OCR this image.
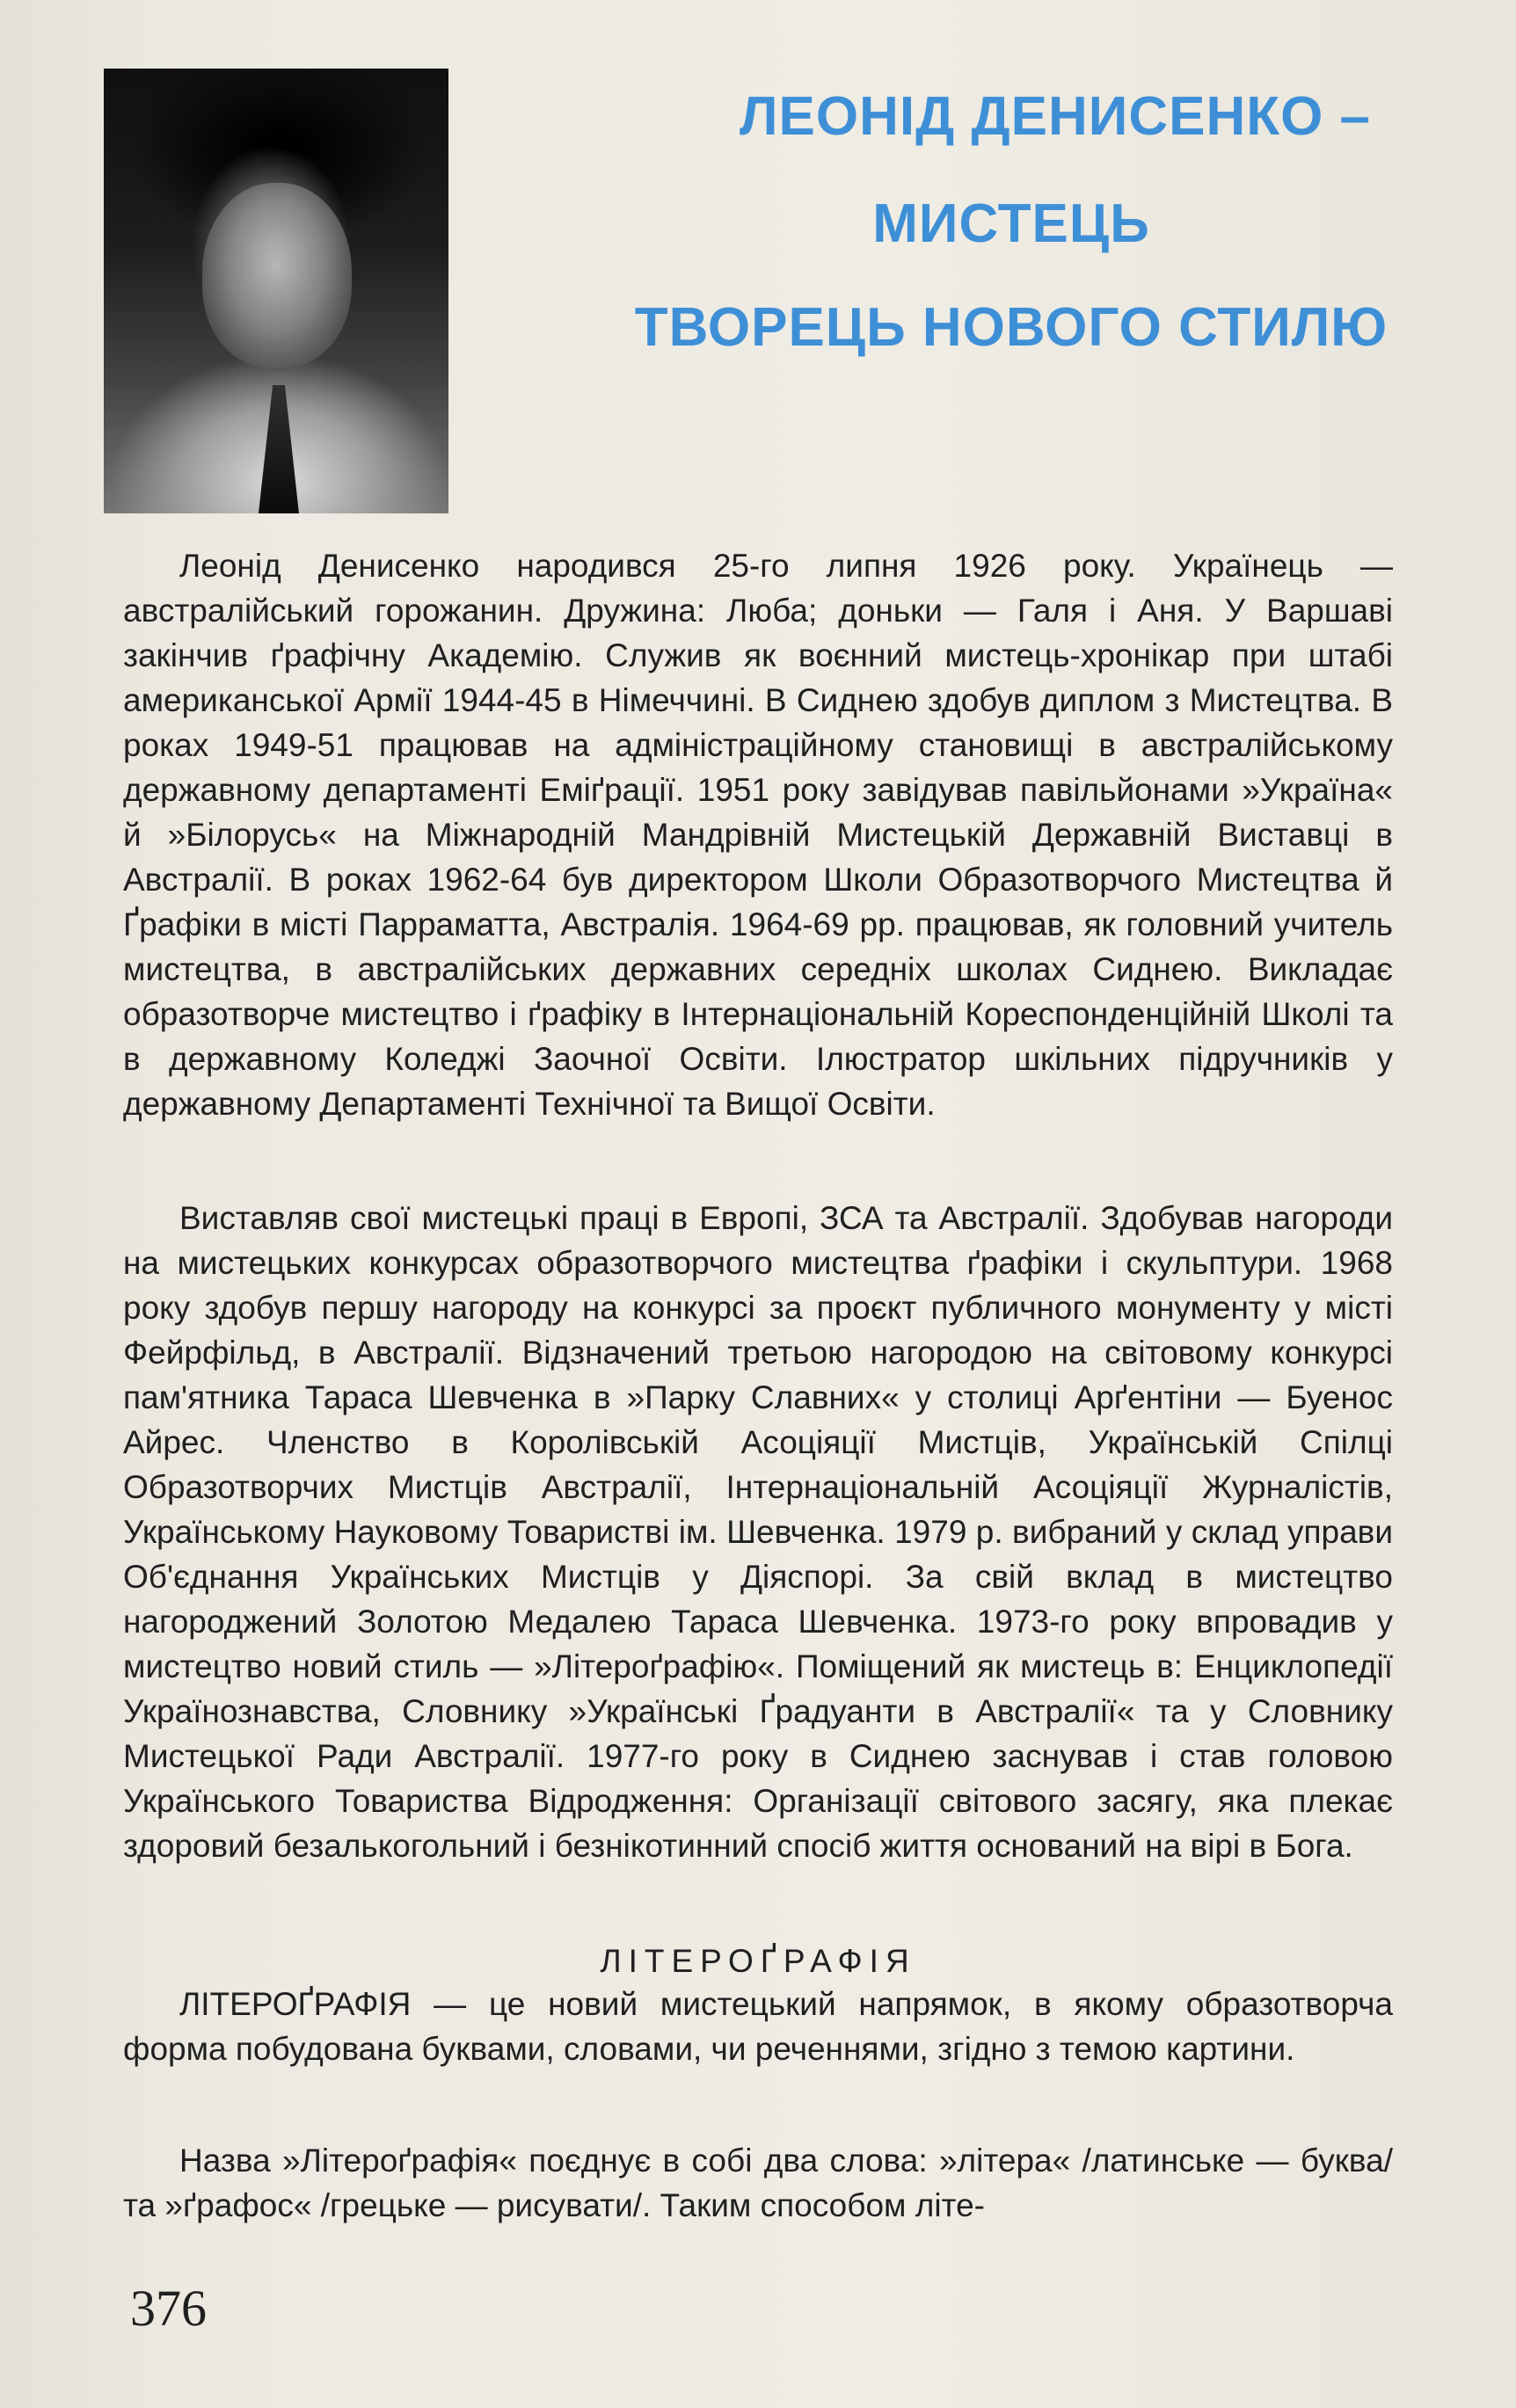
ЛЕОНІД ДЕНИСЕНКО –
МИСТЕЦЬ
ТВОРЕЦЬ НОВОГО СТИЛЮ

Леонід Денисенко народився 25-го липня 1926 року. Українець — австралійський горожанин. Дружина: Люба; доньки — Галя і Аня. У Варшаві закінчив ґрафічну Академію. Служив як воєнний мистець-хронікар при штабі американської Армії 1944-45 в Німеччині. В Сиднею здобув диплом з Мистецтва. В роках 1949-51 працював на адміністраційному становищі в австралійському державному департаменті Еміґрації. 1951 року завідував павільйонами »Україна« й »Білорусь« на Міжнародній Мандрівній Мистецькій Державній Виставці в Австралії. В роках 1962-64 був директором Школи Образотворчого Мистецтва й Ґрафіки в місті Парраматта, Австралія. 1964-69 рр. працював, як головний учитель мистецтва, в австралійських державних середніх школах Сиднею. Викладає образотворче мистецтво і ґрафіку в Інтернаціональній Кореспонденційній Школі та в державному Коледжі Заочної Освіти. Ілюстратор шкільних підручників у державному Департаменті Технічної та Вищої Освіти.

Виставляв свої мистецькі праці в Европі, ЗСА та Австралії. Здобував нагороди на мистецьких конкурсах образотворчого мистецтва ґрафіки і скульптури. 1968 року здобув першу нагороду на конкурсі за проєкт публичного монументу у місті Фейрфільд, в Австралії. Відзначений третьою нагородою на світовому конкурсі пам'ятника Тараса Шевченка в »Парку Славних« у столиці Арґентіни — Буенос Айрес. Членство в Королівській Асоціяції Мистців, Українській Спілці Образотворчих Мистців Австралії, Інтернаціональній Асоціяції Журналістів, Українському Науковому Товаристві ім. Шевченка. 1979 р. вибраний у склад управи Об'єднання Українських Мистців у Діяспорі. За свій вклад в мистецтво нагороджений Золотою Медалею Тараса Шевченка. 1973-го року впровадив у мистецтво новий стиль — »Літероґрафію«. Поміщений як мистець в: Енциклопедії Українознавства, Словнику »Українські Ґрадуанти в Австралії« та у Словнику Мистецької Ради Австралії. 1977-го року в Сиднею заснував і став головою Українського Товариства Відродження: Організації світового засягу, яка плекає здоровий безалькогольний і безнікотинний спосіб життя оснований на вірі в Бога.

ЛІТЕРОҐРАФІЯ

ЛІТЕРОҐРАФІЯ — це новий мистецький напрямок, в якому образотворча форма побудована буквами, словами, чи реченнями, згідно з темою картини.

Назва »Літероґрафія« поєднує в собі два слова: »літера« /латинське — буква/ та »ґрафос« /грецьке — рисувати/. Таким способом літе-

376
